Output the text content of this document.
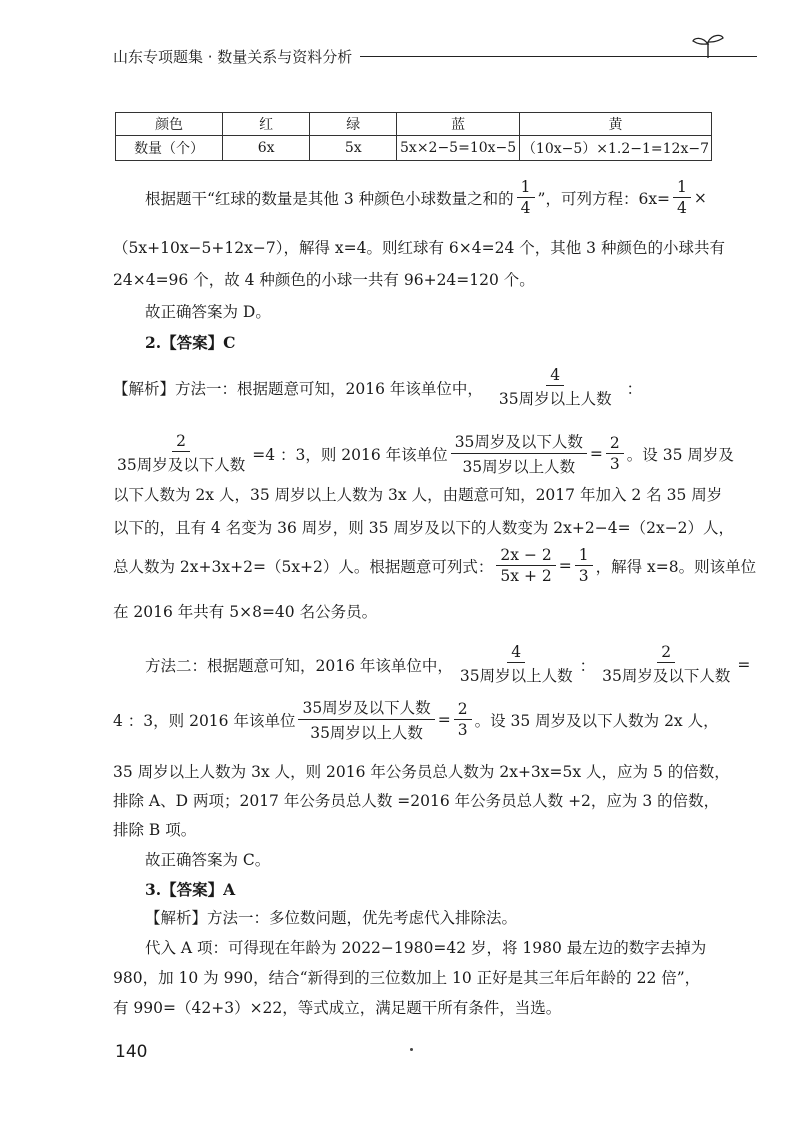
山东专项题集 · 数量关系与资料分析
颜色	红	绿	蓝	黄
数量（个）	6x	5x	5x×2−5=10x−5	（10x−5）×1.2−1=12x−7
根据题干“红球的数量是其他 3 种颜色小球数量之和的 $\frac{1}{4}$ ”，可列方程：$6x= \frac{1}{4}$ ×
（5x+10x−5+12x−7），解得 x=4。则红球有 6×4=24 个，其他 3 种颜色的小球共有
24×4=96 个，故 4 种颜色的小球一共有 96+24=120 个。
故正确答案为 D。
2.【答案】C
【解析】方法一：根据题意可知，2016 年该单位中， $\frac{4}{\text{35周岁以上人数}}$ ：
$\frac{2}{\text{35周岁及以下人数}} =4$ ：3，则 2016 年该单位 $\frac{\text{35周岁及以下人数}}{\text{35周岁以上人数}} = \frac{2}{3}$ 。设 35 周岁及
以下人数为 2x 人，35 周岁以上人数为 3x 人，由题意可知，2017 年加入 2 名 35 周岁
以下的，且有 4 名变为 36 周岁，则 35 周岁及以下的人数变为 2x+2−4=（2x−2）人，
总人数为 2x+3x+2=（5x+2）人。根据题意可列式： $\frac{2x - 2}{5x + 2} = \frac{1}{3}$ ，解得 x=8。则该单位
在 2016 年共有 5×8=40 名公务员。
方法二：根据题意可知，2016 年该单位中， $\frac{4}{\text{35周岁以上人数}}$ ： $\frac{2}{\text{35周岁及以下人数}}$ =
4 ：3，则 2016 年该单位 $\frac{\text{35周岁及以下人数}}{\text{35周岁以上人数}} = \frac{2}{3}$ 。设 35 周岁及以下人数为 2x 人，
35 周岁以上人数为 3x 人，则 2016 年公务员总人数为 2x+3x=5x 人，应为 5 的倍数，
排除 A、D 两项；2017 年公务员总人数 =2016 年公务员总人数 +2，应为 3 的倍数，
排除 B 项。
故正确答案为 C。
3.【答案】A
【解析】方法一：多位数问题，优先考虑代入排除法。
代入 A 项：可得现在年龄为 2022−1980=42 岁，将 1980 最左边的数字去掉为
980，加 10 为 990，结合“新得到的三位数加上 10 正好是其三年后年龄的 22 倍”，
有 990=（42+3）×22，等式成立，满足题干所有条件，当选。
140
